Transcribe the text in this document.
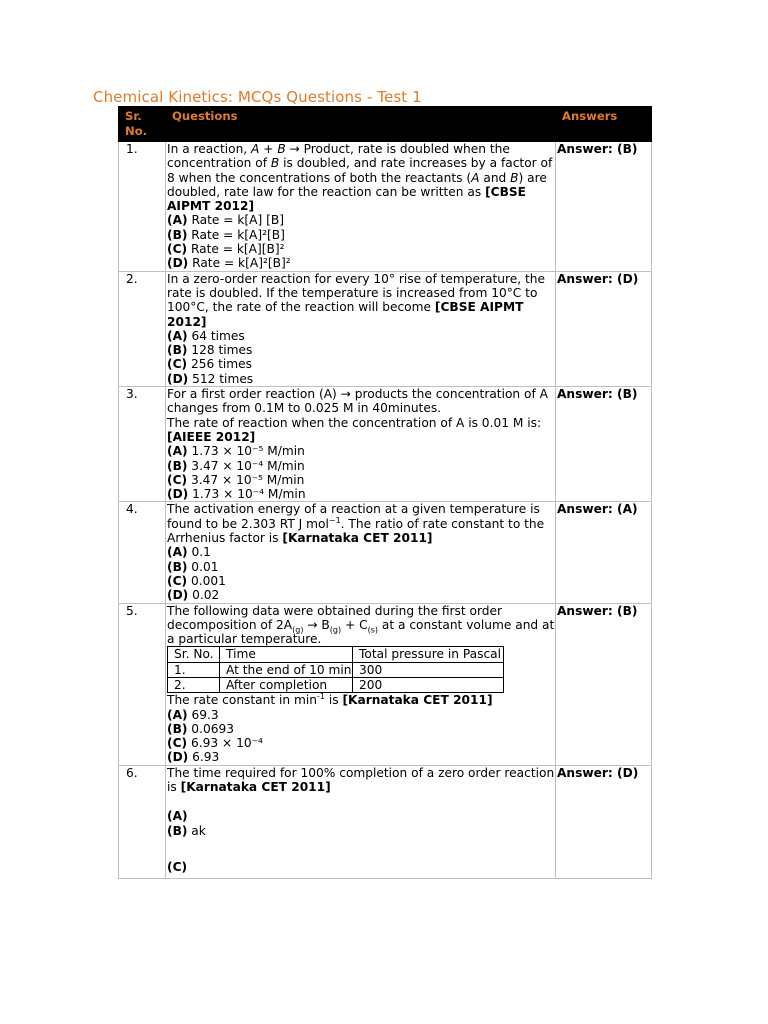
Chemical Kinetics: MCQs Questions - Test 1
Sr. No.	Questions	Answers
1.	In a reaction, A + B → Product, rate is doubled when the concentration of B is doubled, and rate increases by a factor of 8 when the concentrations of both the reactants (A and B) are doubled, rate law for the reaction can be written as [CBSE AIPMT 2012]
(A) Rate = k[A] [B]
(B) Rate = k[A]²[B]
(C) Rate = k[A][B]²
(D) Rate = k[A]²[B]²	Answer: (B)
2.	In a zero-order reaction for every 10° rise of temperature, the rate is doubled. If the temperature is increased from 10°C to 100°C, the rate of the reaction will become [CBSE AIPMT 2012]
(A) 64 times
(B) 128 times
(C) 256 times
(D) 512 times	Answer: (D)
3.	For a first order reaction (A) → products the concentration of A changes from 0.1M to 0.025 M in 40minutes.
The rate of reaction when the concentration of A is 0.01 M is:[AIEEE 2012]
(A) 1.73 × 10⁻⁵ M/min
(B) 3.47 × 10⁻⁴ M/min
(C) 3.47 × 10⁻⁵ M/min
(D) 1.73 × 10⁻⁴ M/min	Answer: (B)
4.	The activation energy of a reaction at a given temperature is found to be 2.303 RT J mol$^{-1}$. The ratio of rate constant to the Arrhenius factor is [Karnataka CET 2011]
(A) 0.1
(B) 0.01
(C) 0.001
(D) 0.02	Answer: (A)
5.	The following data were obtained during the first order decomposition of $2A_{(g)} \to B_{(g)} + C_{(s)}$ at a constant volume and at a particular temperature.
Sr. No.	Time	Total pressure in Pascal
1.	At the end of 10 min	300
2.	After completion	200
The rate constant in $\min^{-1}$ is [Karnataka CET 2011]
(A) 69.3
(B) 0.0693
(C) 6.93 × 10⁻⁴
(D) 6.93	Answer: (B)
6.	The time required for 100% completion of a zero order reaction is [Karnataka CET 2011]

(A)
(B) ak

(C)
	Answer: (D)
